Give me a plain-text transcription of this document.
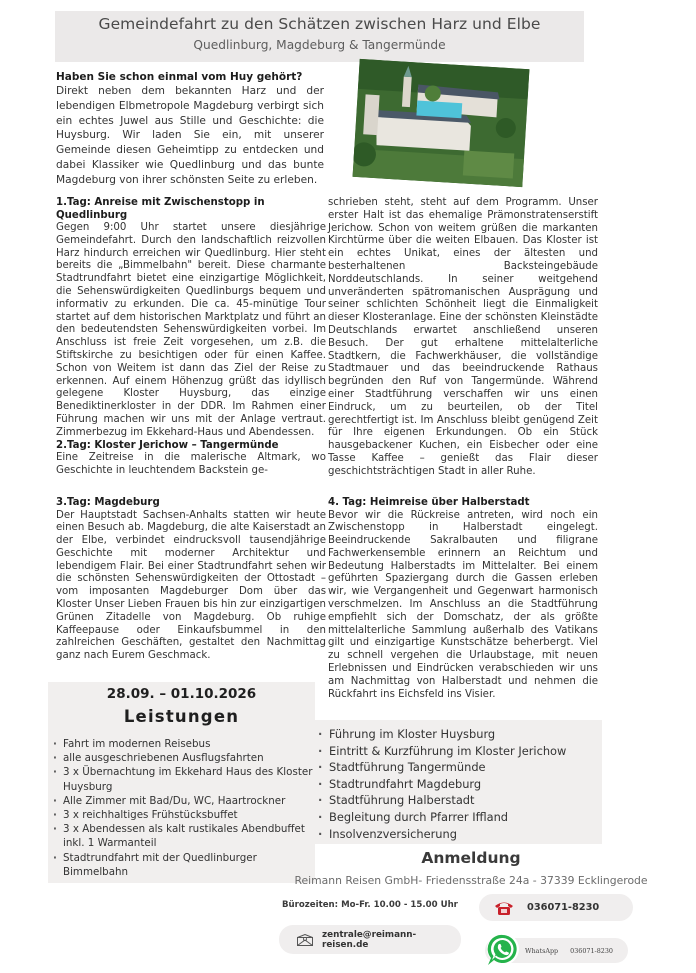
Gemeindefahrt zu den Schätzen zwischen Harz und Elbe
Quedlinburg, Magdeburg & Tangermünde
Haben Sie schon einmal vom Huy gehört?
Direkt neben dem bekannten Harz und der lebendigen Elbmetropole Magdeburg verbirgt sich ein echtes Juwel aus Stille und Geschichte: die Huysburg. Wir laden Sie ein, mit unserer Gemeinde diesen Geheimtipp zu entdecken und dabei Klassiker wie Quedlinburg und das bunte Magdeburg von ihrer schönsten Seite zu erleben.
1.Tag: Anreise mit Zwischenstopp in Quedlinburg
Gegen 9:00 Uhr startet unsere diesjährige Gemeindefahrt. Durch den landschaftlich reizvollen Harz hindurch erreichen wir Quedlinburg. Hier steht bereits die „Bimmelbahn" bereit. Diese charmante Stadtrundfahrt bietet eine einzigartige Möglichkeit, die Sehenswürdigkeiten Quedlinburgs bequem und informativ zu erkunden. Die ca. 45-minütige Tour startet auf dem historischen Marktplatz und führt an den bedeutendsten Sehenswürdigkeiten vorbei. Im Anschluss ist freie Zeit vorgesehen, um z.B. die Stiftskirche zu besichtigen oder für einen Kaffee. Schon von Weitem ist dann das Ziel der Reise zu erkennen. Auf einem Höhenzug grüßt das idyllisch gelegene Kloster Huysburg, das einzige Benediktinerkloster in der DDR. Im Rahmen einer Führung machen wir uns mit der Anlage vertraut. Zimmerbezug im Ekkehard-Haus und Abendessen.
2.Tag: Kloster Jerichow – Tangermünde
Eine Zeitreise in die malerische Altmark, wo Geschichte in leuchtendem Backstein ge-
3.Tag: Magdeburg
Der Hauptstadt Sachsen-Anhalts statten wir heute einen Besuch ab. Magdeburg, die alte Kaiserstadt an der Elbe, verbindet eindrucksvoll tausendjährige Geschichte mit moderner Architektur und lebendigem Flair. Bei einer Stadtrundfahrt sehen wir die schönsten Sehenswürdigkeiten der Ottostadt – vom imposanten Magdeburger Dom über das Kloster Unser Lieben Frauen bis hin zur einzigartigen Grünen Zitadelle von Magdeburg. Ob ruhige Kaffeepause oder Einkaufsbummel in den zahlreichen Geschäften, gestaltet den Nachmittag ganz nach Eurem Geschmack.
schrieben steht, steht auf dem Programm. Unser erster Halt ist das ehemalige Prämonstratenserstift Jerichow. Schon von weitem grüßen die markanten Kirchtürme über die weiten Elbauen. Das Kloster ist ein echtes Unikat, eines der ältesten und besterhaltenen Backsteingebäude Norddeutschlands. In seiner weitgehend unveränderten spätromanischen Ausprägung und seiner schlichten Schönheit liegt die Einmaligkeit dieser Klosteranlage. Eine der schönsten Kleinstädte Deutschlands erwartet anschließend unseren Besuch. Der gut erhaltene mittelalterliche Stadtkern, die Fachwerkhäuser, die vollständige Stadtmauer und das beeindruckende Rathaus begründen den Ruf von Tangermünde. Während einer Stadtführung verschaffen wir uns einen Eindruck, um zu beurteilen, ob der Titel gerechtfertigt ist. Im Anschluss bleibt genügend Zeit für Ihre eigenen Erkundungen. Ob ein Stück hausgebackener Kuchen, ein Eisbecher oder eine Tasse Kaffee – genießt das Flair dieser geschichtsträchtigen Stadt in aller Ruhe.
4. Tag: Heimreise über Halberstadt
Bevor wir die Rückreise antreten, wird noch ein Zwischenstopp in Halberstadt eingelegt. Beeindruckende Sakralbauten und filigrane Fachwerkensemble erinnern an Reichtum und Bedeutung Halberstadts im Mittelalter. Bei einem geführten Spaziergang durch die Gassen erleben wir, wie Vergangenheit und Gegenwart harmonisch verschmelzen. Im Anschluss an die Stadtführung empfiehlt sich der Domschatz, der als größte mittelalterliche Sammlung außerhalb des Vatikans gilt und einzigartige Kunstschätze beherbergt. Viel zu schnell vergehen die Urlaubstage, mit neuen Erlebnissen und Eindrücken verabschieden wir uns am Nachmittag von Halberstadt und nehmen die Rückfahrt ins Eichsfeld ins Visier.
28.09. – 01.10.2026
Leistungen
· Fahrt im modernen Reisebus
· alle ausgeschriebenen Ausflugsfahrten
· 3 x Übernachtung im Ekkehard Haus des Kloster Huysburg
· Alle Zimmer mit Bad/Du, WC, Haartrockner
· 3 x reichhaltiges Frühstücksbuffet
· 3 x Abendessen als kalt rustikales Abendbuffet inkl. 1 Warmanteil
· Stadtrundfahrt mit der Quedlinburger Bimmelbahn
· Führung im Kloster Huysburg
· Eintritt & Kurzführung im Kloster Jerichow
· Stadtführung Tangermünde
· Stadtrundfahrt Magdeburg
· Stadtführung Halberstadt
· Begleitung durch Pfarrer Iffland
· Insolvenzversicherung
Anmeldung
Reimann Reisen GmbH- Friedensstraße 24a - 37339 Ecklingerode
Bürozeiten: Mo-Fr. 10.00 - 15.00 Uhr	036071-8230
zentrale@reimann-reisen.de
WhatsApp 036071-8230
